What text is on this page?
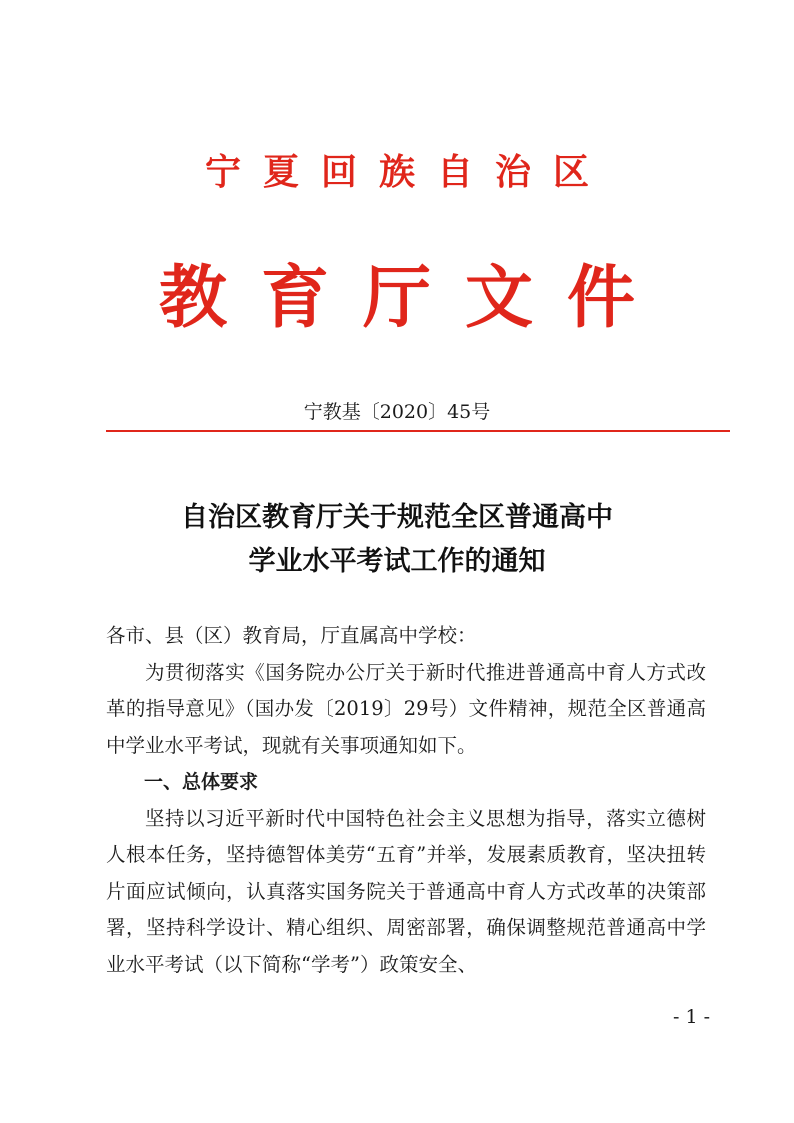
宁夏回族自治区
教育厅文件
宁教基〔2020〕45号
自治区教育厅关于规范全区普通高中
学业水平考试工作的通知

各市、县（区）教育局，厅直属高中学校：

为贯彻落实《国务院办公厅关于新时代推进普通高中育人方式改革的指导意见》（国办发〔2019〕29号）文件精神，规范全区普通高中学业水平考试，现就有关事项通知如下。

一、总体要求

坚持以习近平新时代中国特色社会主义思想为指导，落实立德树人根本任务，坚持德智体美劳“五育”并举，发展素质教育，坚决扭转片面应试倾向，认真落实国务院关于普通高中育人方式改革的决策部署，坚持科学设计、精心组织、周密部署，确保调整规范普通高中学业水平考试（以下简称“学考”）政策安全、

- 1 -
